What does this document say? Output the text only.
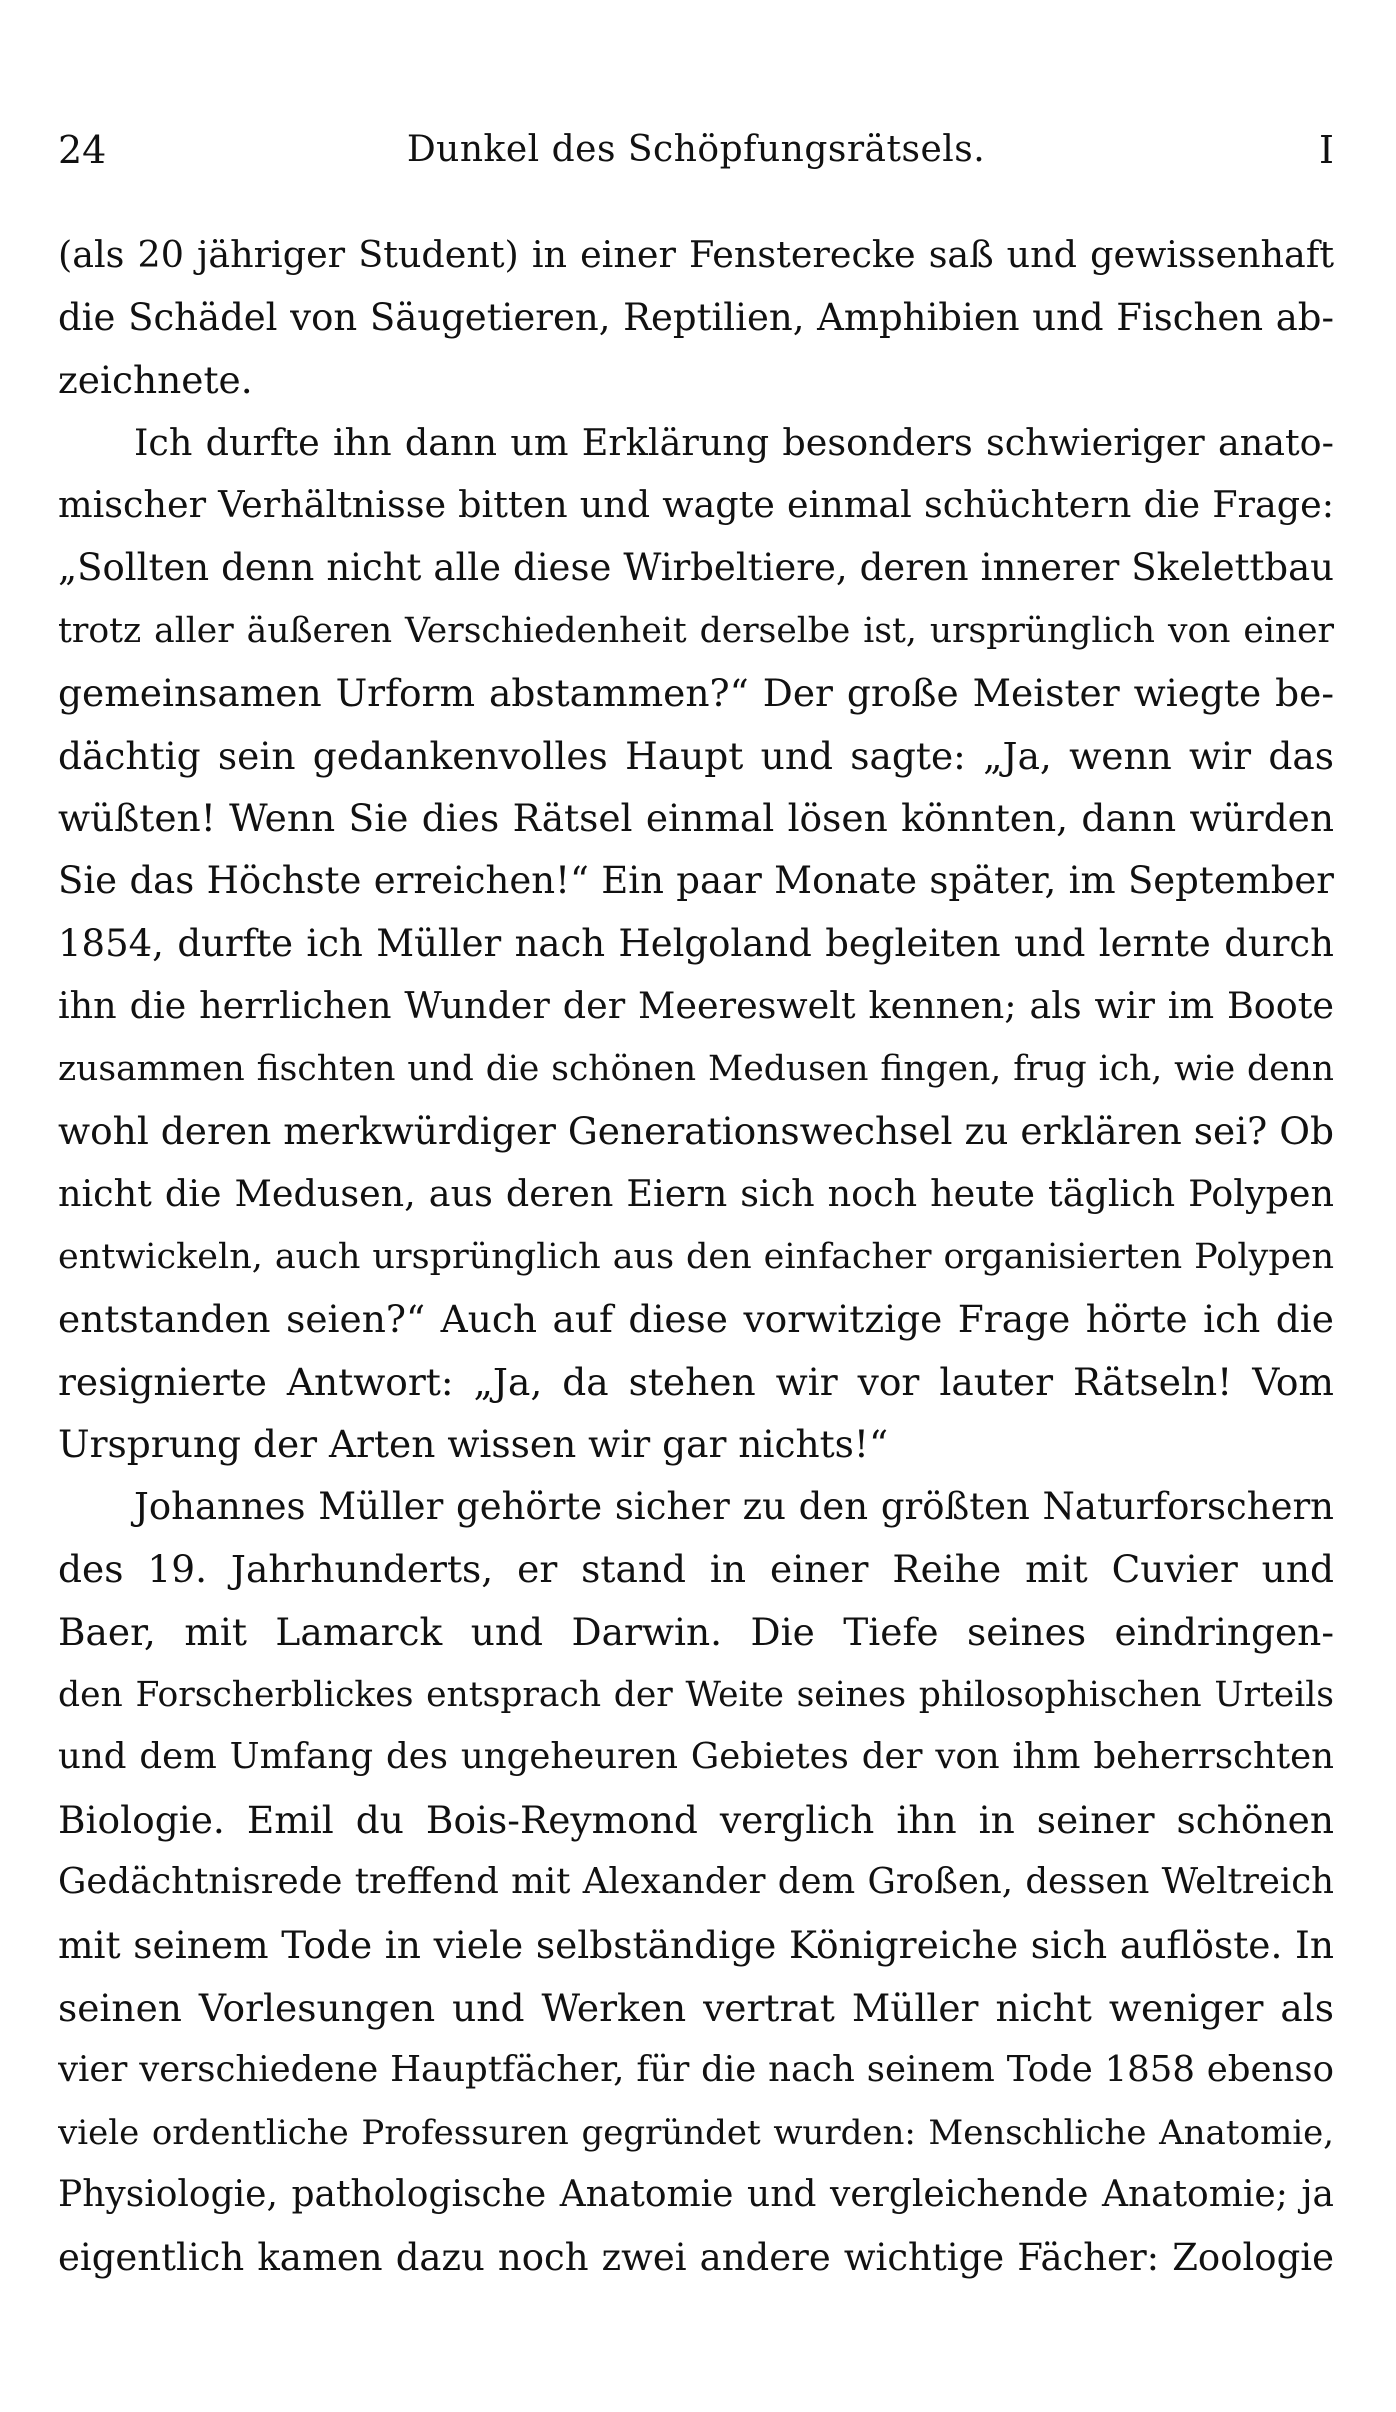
24	Dunkel des Schöpfungsrätsels.	I

(als 20 jähriger Student) in einer Fensterecke saß und gewissenhaft
die Schädel von Säugetieren, Reptilien, Amphibien und Fischen ab-
zeichnete.

Ich durfte ihn dann um Erklärung besonders schwieriger anato-
mischer Verhältnisse bitten und wagte einmal schüchtern die Frage:
„Sollten denn nicht alle diese Wirbeltiere, deren innerer Skelettbau
trotz aller äußeren Verschiedenheit derselbe ist, ursprünglich von einer
gemeinsamen Urform abstammen?“ Der große Meister wiegte be-
dächtig sein gedankenvolles Haupt und sagte: „Ja, wenn wir das
wüßten! Wenn Sie dies Rätsel einmal lösen könnten, dann würden
Sie das Höchste erreichen!“ Ein paar Monate später, im September
1854, durfte ich Müller nach Helgoland begleiten und lernte durch
ihn die herrlichen Wunder der Meereswelt kennen; als wir im Boote
zusammen fischten und die schönen Medusen fingen, frug ich, wie denn
wohl deren merkwürdiger Generationswechsel zu erklären sei? Ob
nicht die Medusen, aus deren Eiern sich noch heute täglich Polypen
entwickeln, auch ursprünglich aus den einfacher organisierten Polypen
entstanden seien?“ Auch auf diese vorwitzige Frage hörte ich die
resignierte Antwort: „Ja, da stehen wir vor lauter Rätseln! Vom
Ursprung der Arten wissen wir gar nichts!“

Johannes Müller gehörte sicher zu den größten Naturforschern
des 19. Jahrhunderts, er stand in einer Reihe mit Cuvier und
Baer, mit Lamarck und Darwin. Die Tiefe seines eindringen-
den Forscherblickes entsprach der Weite seines philosophischen Urteils
und dem Umfang des ungeheuren Gebietes der von ihm beherrschten
Biologie. Emil du Bois-Reymond verglich ihn in seiner schönen
Gedächtnisrede treffend mit Alexander dem Großen, dessen Weltreich
mit seinem Tode in viele selbständige Königreiche sich auflöste. In
seinen Vorlesungen und Werken vertrat Müller nicht weniger als
vier verschiedene Hauptfächer, für die nach seinem Tode 1858 ebenso
viele ordentliche Professuren gegründet wurden: Menschliche Anatomie,
Physiologie, pathologische Anatomie und vergleichende Anatomie; ja
eigentlich kamen dazu noch zwei andere wichtige Fächer: Zoologie
